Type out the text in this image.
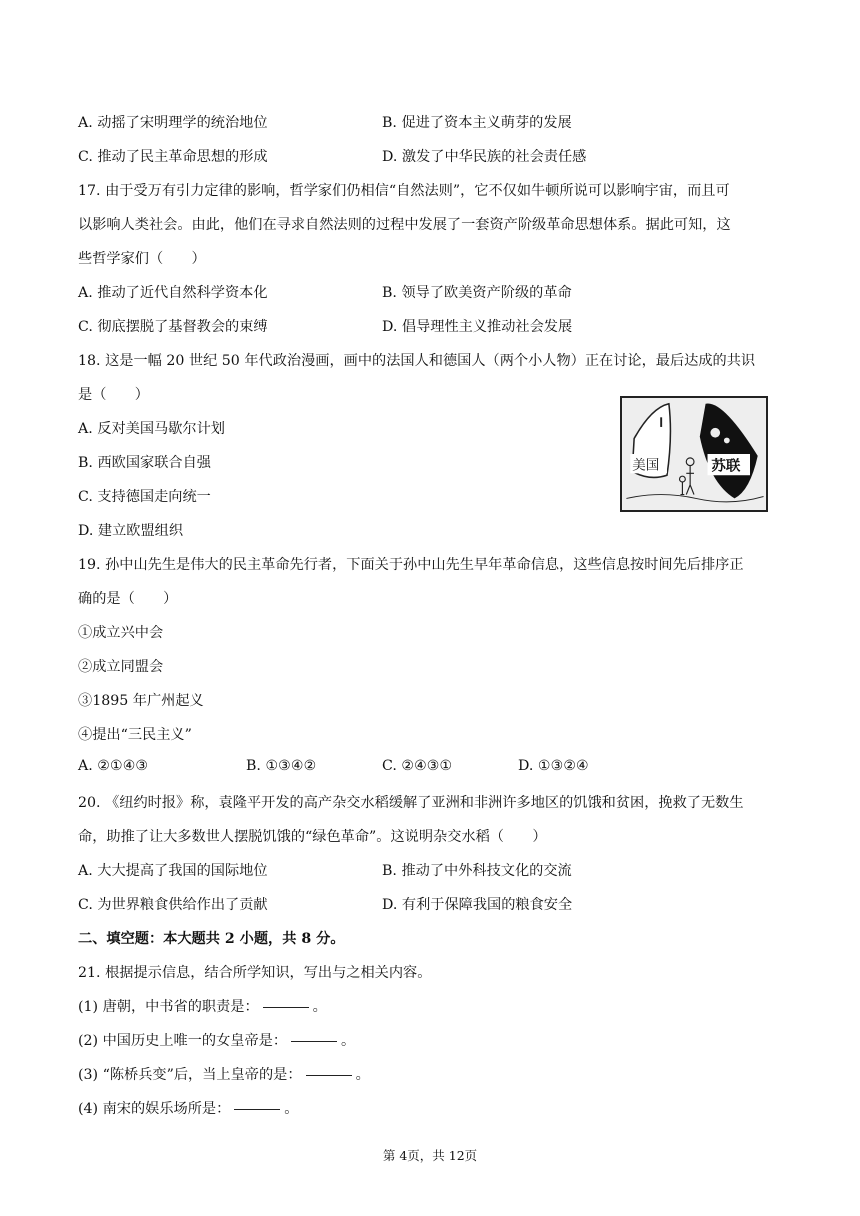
A. 动摇了宋明理学的统治地位	B. 促进了资本主义萌芽的发展
C. 推动了民主革命思想的形成	D. 激发了中华民族的社会责任感
17. 由于受万有引力定律的影响，哲学家们仍相信“自然法则”，它不仅如牛顿所说可以影响宇宙，而且可
以影响人类社会。由此，他们在寻求自然法则的过程中发展了一套资产阶级革命思想体系。据此可知，这
些哲学家们（　　）
A. 推动了近代自然科学资本化	B. 领导了欧美资产阶级的革命
C. 彻底摆脱了基督教会的束缚	D. 倡导理性主义推动社会发展
18. 这是一幅 20 世纪 50 年代政治漫画，画中的法国人和德国人（两个小人物）正在讨论，最后达成的共识
是（　　）
A. 反对美国马歇尔计划
B. 西欧国家联合自强
C. 支持德国走向统一
D. 建立欧盟组织
美国	苏联
19. 孙中山先生是伟大的民主革命先行者，下面关于孙中山先生早年革命信息，这些信息按时间先后排序正
确的是（　　）
①成立兴中会
②成立同盟会
③1895 年广州起义
④提出“三民主义”
A. ②①④③	B. ①③④②	C. ②④③①	D. ①③②④
20. 《纽约时报》称，袁隆平开发的高产杂交水稻缓解了亚洲和非洲许多地区的饥饿和贫困，挽救了无数生
命，助推了让大多数世人摆脱饥饿的“绿色革命”。这说明杂交水稻（　　）
A. 大大提高了我国的国际地位	B. 推动了中外科技文化的交流
C. 为世界粮食供给作出了贡献	D. 有利于保障我国的粮食安全
二、填空题：本大题共 2 小题，共 8 分。
21. 根据提示信息，结合所学知识，写出与之相关内容。
(1) 唐朝，中书省的职责是：	。
(2) 中国历史上唯一的女皇帝是：	。
(3) “陈桥兵变”后，当上皇帝的是：	。
(4) 南宋的娱乐场所是：	。
第 4页，共 12页
